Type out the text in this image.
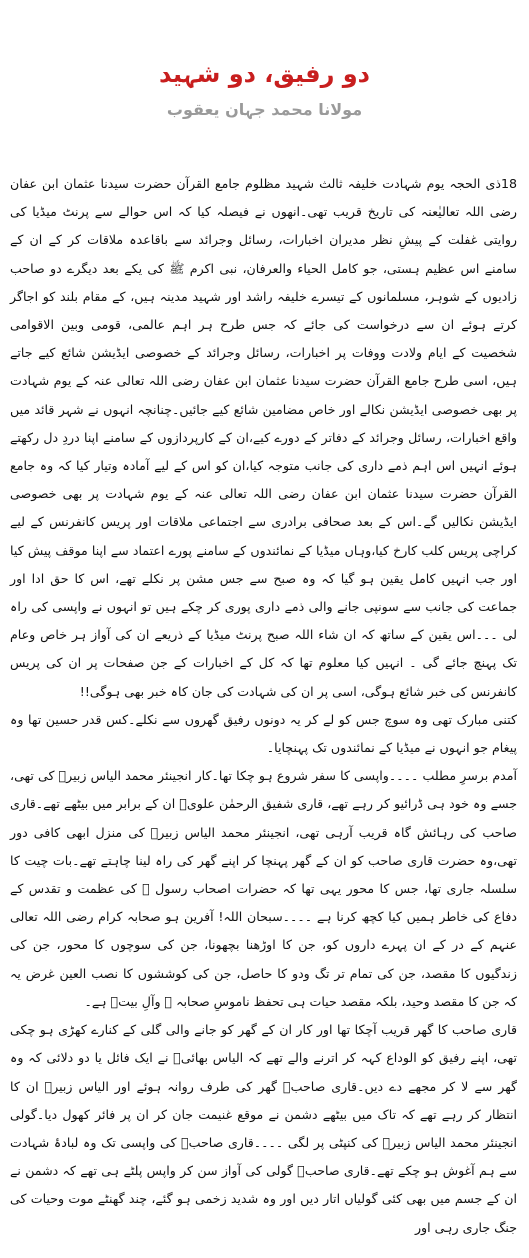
دو رفیق، دو شہید
مولانا محمد جہان یعقوب

18ذی الحجہ یوم شہادت خلیفہ ثالث شہید مظلوم جامع القرآن حضرت سیدنا عثمان ابن عفان رضی اللہ تعالیٰعنہ کی تاریخ قریب تھی۔انھوں نے فیصلہ کیا کہ اس حوالے سے پرنٹ میڈیا کی روایتی غفلت کے پیشِ نظر مدیران اخبارات، رسائل وجرائد سے باقاعدہ ملاقات کر کے ان کے سامنے اس عظیم ہستی، جو کامل الحیاء والعرفان، نبی اکرم ﷺ کی یکے بعد دیگرے دو صاحب زادیوں کے شوہر، مسلمانوں کے تیسرے خلیفہ راشد اور شہید مدینہ ہیں، کے مقام بلند کو اجاگر کرتے ہوئے ان سے درخواست کی جائے کہ جس طرح ہر اہم عالمی، قومی وبین الاقوامی شخصیت کے ایام ولادت ووفات پر اخبارات، رسائل وجرائد کے خصوصی ایڈیشن شائع کیے جاتے ہیں، اسی طرح جامع القرآن حضرت سیدنا عثمان ابن عفان رضی اللہ تعالی عنہ کے یوم شہادت پر بھی خصوصی ایڈیشن نکالے اور خاص مضامین شائع کیے جائیں۔چنانچہ انہوں نے شہر قائد میں واقع اخبارات، رسائل وجرائد کے دفاتر کے دورے کیے،ان کے کارپردازوں کے سامنے اپنا دردِ دل رکھتے ہوئے انہیں اس اہم ذمے داری کی جانب متوجہ کیا،ان کو اس کے لیے آمادہ وتیار کیا کہ وہ جامع القرآن حضرت سیدنا عثمان ابن عفان رضی اللہ تعالی عنہ کے یوم شہادت پر بھی خصوصی ایڈیشن نکالیں گے۔اس کے بعد صحافی برادری سے اجتماعی ملاقات اور پریس کانفرنس کے لیے کراچی پریس کلب کارخ کیا،وہاں میڈیا کے نمائندوں کے سامنے پورے اعتماد سے اپنا موقف پیش کیا اور جب انہیں کامل یقین ہو گیا کہ وہ صبح سے جس مشن پر نکلے تھے، اس کا حق ادا اور جماعت کی جانب سے سونپی جانے والی ذمے داری پوری کر چکے ہیں تو انہوں نے واپسی کی راہ لی ۔۔۔اس یقین کے ساتھ کہ ان شاء اللہ صبح پرنٹ میڈیا کے ذریعے ان کی آواز ہر خاص وعام تک پہنچ جائے گی ۔ انہیں کیا معلوم تھا کہ کل کے اخبارات کے جن صفحات پر ان کی پریس کانفرنس کی خبر شائع ہوگی، اسی پر ان کی شہادت کی جان کاہ خبر بھی ہوگی!!

کتنی مبارک تھی وہ سوچ جس کو لے کر یہ دونوں رفیق گھروں سے نکلے۔کس قدر حسین تھا وہ پیغام جو انہوں نے میڈیا کے نمائندوں تک پہنچایا۔

آمدم برسرِ مطلب ۔۔۔۔واپسی کا سفر شروع ہو چکا تھا۔کار انجینئر محمد الیاس زبیرؒ کی تھی، جسے وہ خود ہی ڈرائیو کر رہے تھے، قاری شفیق الرحمٰن علویؒ ان کے برابر میں بیٹھے تھے۔قاری صاحب کی رہائش گاہ قریب آرہی تھی، انجینئر محمد الیاس زبیرؒ کی منزل ابھی کافی دور تھی،وہ حضرت قاری صاحب کو ان کے گھر پہنچا کر اپنے گھر کی راہ لینا چاہتے تھے۔بات چیت کا سلسلہ جاری تھا، جس کا محور یہی تھا کہ حضرات اصحاب رسول ﷺ کی عظمت و تقدس کے دفاع کی خاطر ہمیں کیا کچھ کرنا ہے ۔۔۔۔سبحان اللہ! آفرین ہو صحابہ کرام رضی اللہ تعالی عنہم کے در کے ان پہرے داروں کو، جن کا اوڑھنا بچھونا، جن کی سوچوں کا محور، جن کی زندگیوں کا مقصد، جن کی تمام تر تگ ودو کا حاصل، جن کی کوششوں کا نصب العین غرض یہ کہ جن کا مقصد وحید، بلکہ مقصد حیات ہی تحفظ ناموسِ صحابہ ؓ وآلِ بیتؓ ہے۔

قاری صاحب کا گھر قریب آچکا تھا اور کار ان کے گھر کو جانے والی گلی کے کنارے کھڑی ہو چکی تھی، اپنے رفیق کو الوداع کہہ کر اترنے والے تھے کہ الیاس بھائیؒ نے ایک فائل یا دو دلائی کہ وہ گھر سے لا کر مجھے دے دیں۔قاری صاحبؒ گھر کی طرف روانہ ہوئے اور الیاس زبیرؒ ان کا انتظار کر رہے تھے کہ تاک میں بیٹھے دشمن نے موقع غنیمت جان کر ان پر فائر کھول دیا۔گولی انجینئر محمد الیاس زبیرؒ کی کنپٹی پر لگی ۔۔۔۔قاری صاحبؒ کی واپسی تک وہ لبادۂ شہادت سے ہم آغوش ہو چکے تھے۔قاری صاحبؒ گولی کی آواز سن کر واپس پلٹے ہی تھے کہ دشمن نے ان کے جسم میں بھی کئی گولیاں اتار دیں اور وہ شدید زخمی ہو گئے، چند گھنٹے موت وحیات کی جنگ جاری رہی اور
